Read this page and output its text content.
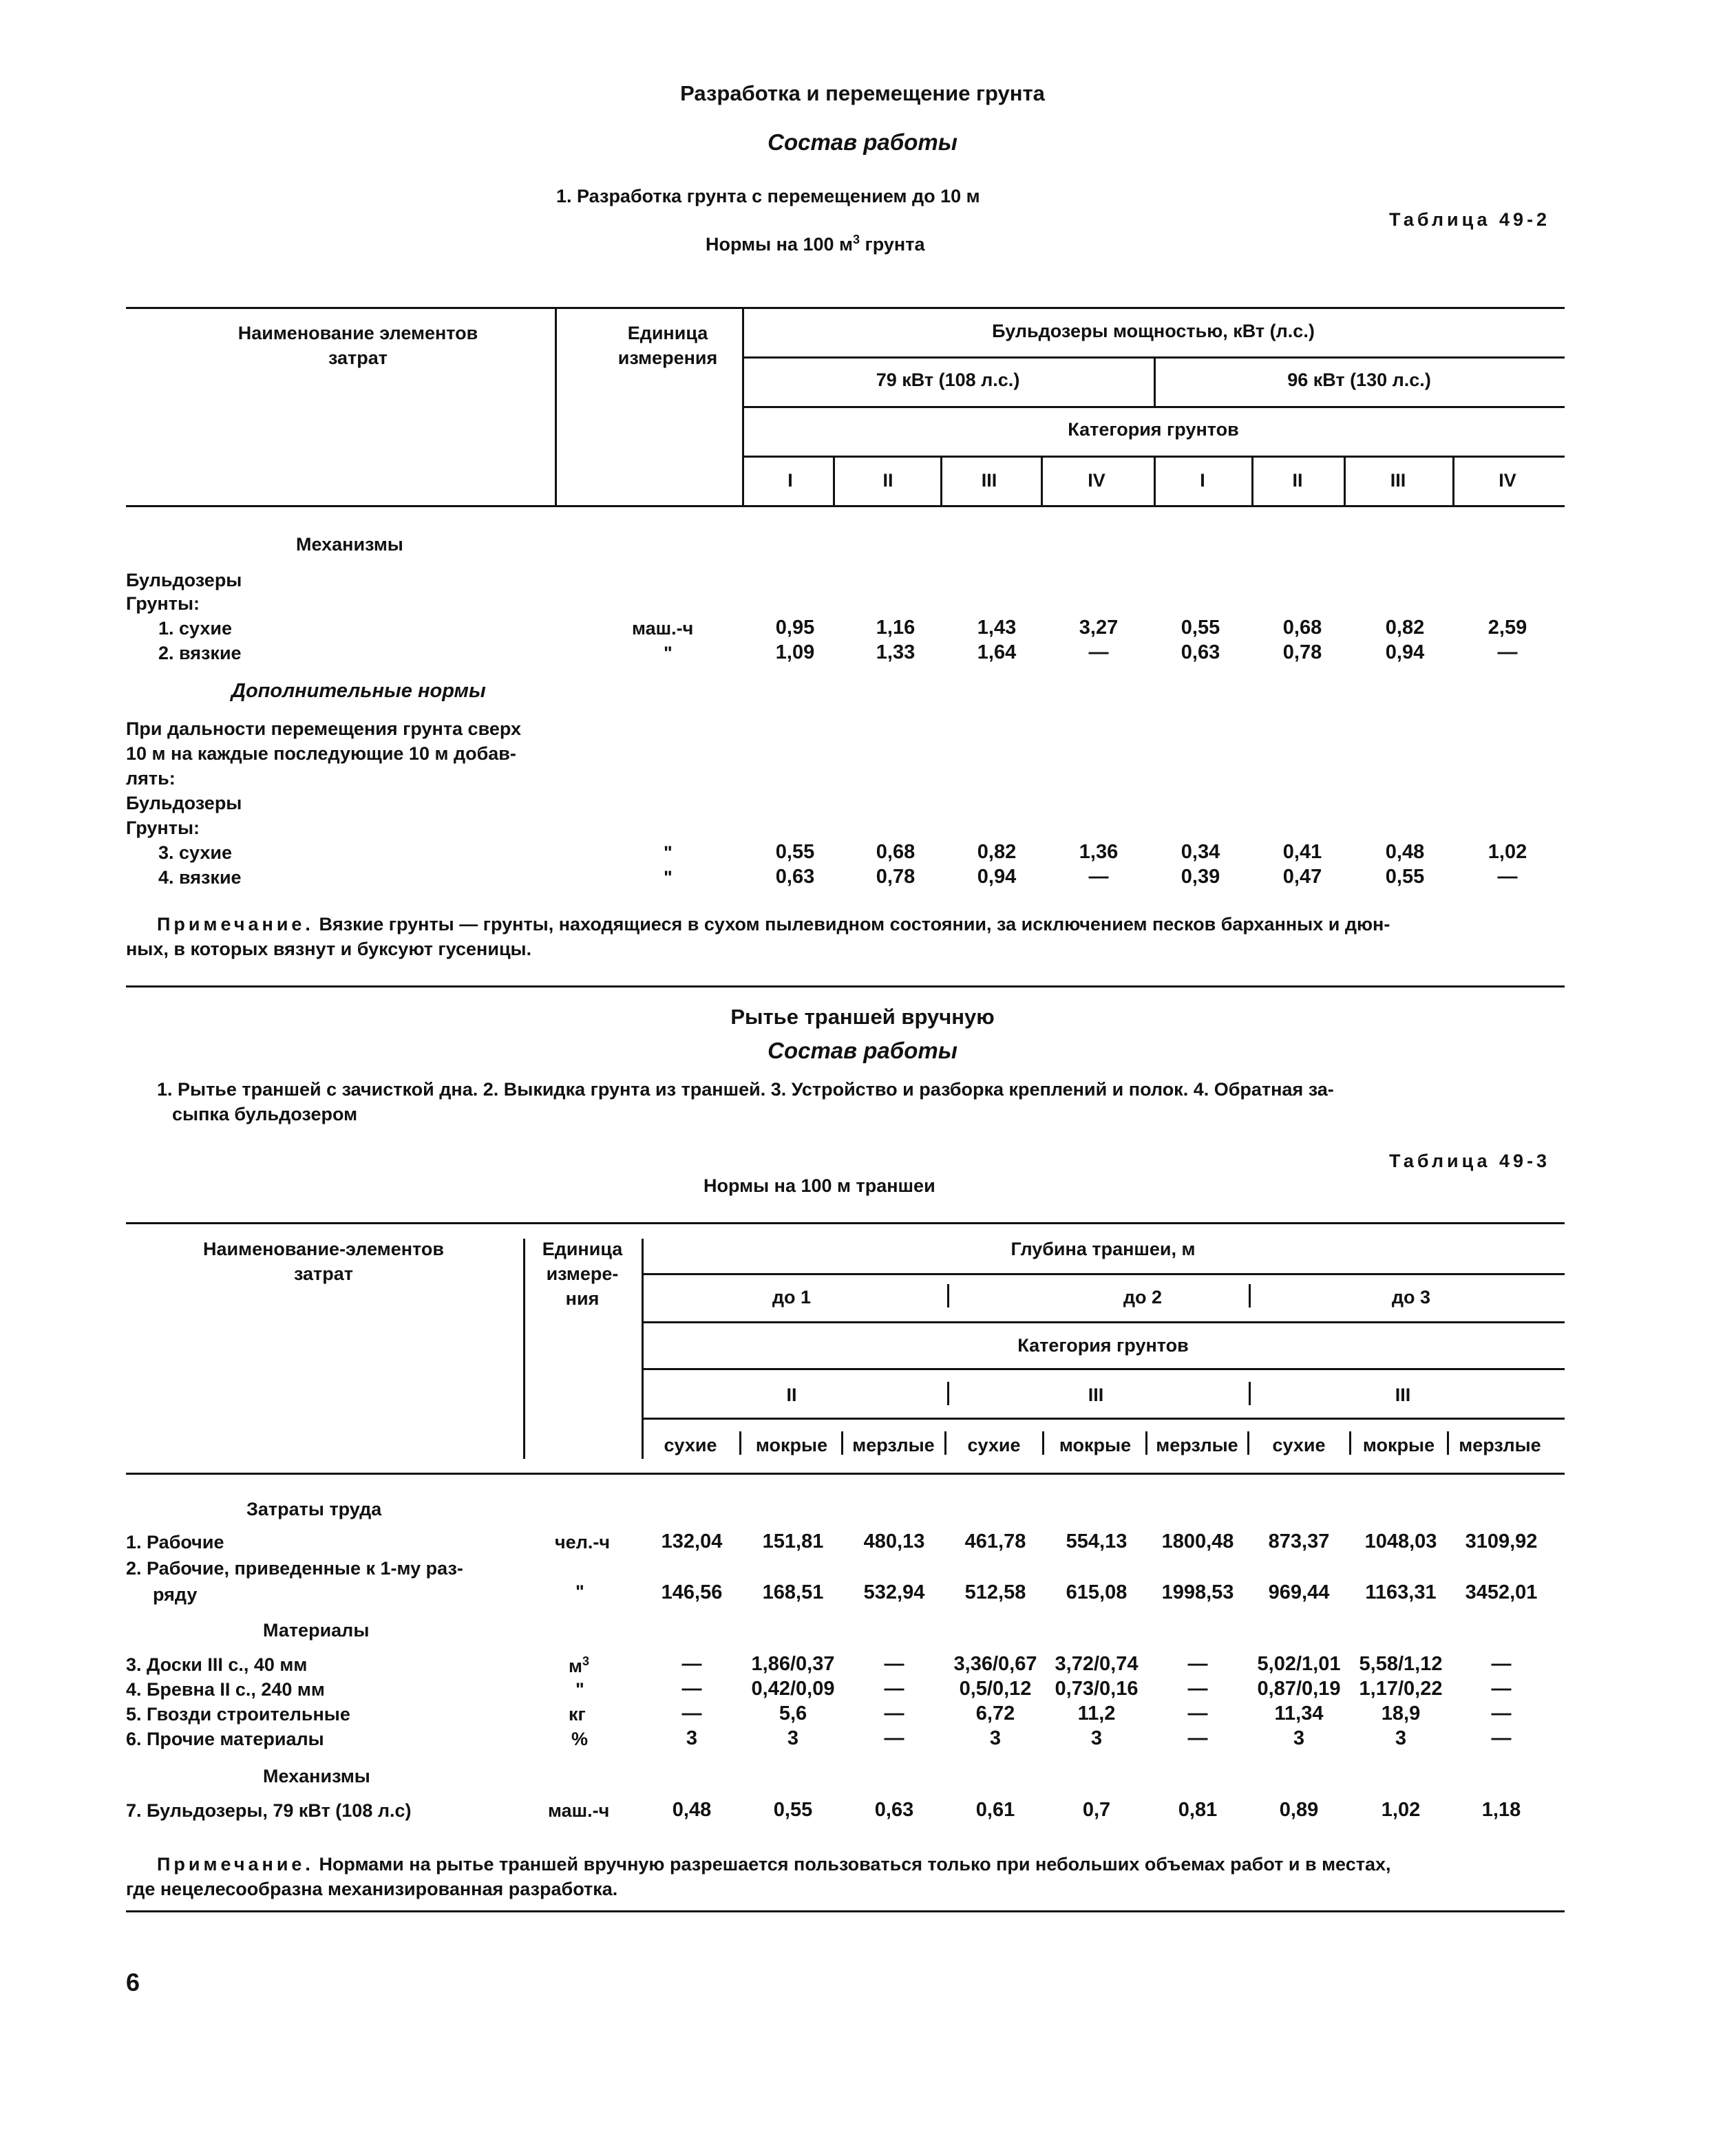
Разработка и перемещение грунта
Состав работы
1. Разработка грунта с перемещением до 10 м
Таблица 49-2
Нормы на 100 $м^3$ грунта
Наименование элементов затрат
Единица измерения
Бульдозеры мощностью, кВт (л.с.)
79 кВт (108 л.с.)	96 кВт (130 л.с.)
Категория грунтов
I	II	III	IV	I	II	III	IV
Механизмы
Бульдозеры
Грунты:
1. сухие	маш.-ч	0,95	1,16	1,43	3,27	0,55	0,68	0,82	2,59
2. вязкие	"	1,09	1,33	1,64	—	0,63	0,78	0,94	—
Дополнительные нормы
При дальности перемещения грунта сверх
10 м на каждые последующие 10 м добав-
лять:
Бульдозеры
Грунты:
3. сухие	"	0,55	0,68	0,82	1,36	0,34	0,41	0,48	1,02
4. вязкие	"	0,63	0,78	0,94	—	0,39	0,47	0,55	—
Примечание. Вязкие грунты — грунты, находящиеся в сухом пылевидном состоянии, за исключением песков барханных и дюн-
ных, в которых вязнут и буксуют гусеницы.
Рытье траншей вручную
Состав работы
1. Рытье траншей с зачисткой дна. 2. Выкидка грунта из траншей. 3. Устройство и разборка креплений и полок. 4. Обратная за-
сыпка бульдозером
Таблица 49-3
Нормы на 100 м траншеи
Наименование-элементов
затрат
Единица
измере-
ния
Глубина траншеи, м
до 1	до 2	до 3
Категория грунтов
II	III	III
сухие	мокрые	мерзлые	сухие	мокрые	мерзлые	сухие	мокрые	мерзлые
Затраты труда
1. Рабочие	чел.-ч	132,04	151,81	480,13	461,78	554,13	1800,48	873,37	1048,03	3109,92
2. Рабочие, приведенные к 1-му раз-
ряду	"	146,56	168,51	532,94	512,58	615,08	1998,53	969,44	1163,31	3452,01
Материалы
3. Доски III с., 40 мм	$м^3$	—	1,86/0,37	—	3,36/0,67 3,72/0,74	—	5,02/1,01 5,58/1,12	—
4. Бревна II с., 240 мм	"	—	0,42/0,09	—	0,5/0,12	0,73/0,16	—	0,87/0,19 1,17/0,22	—
5. Гвозди строительные	кг	—	5,6	—	6,72	11,2	—	11,34	18,9	—
6. Прочие материалы	%	3	3	—	3	3	—	3	3	—
Механизмы
7. Бульдозеры, 79 кВт (108 л.с)	маш.-ч	0,48	0,55	0,63	0,61	0,7	0,81	0,89	1,02	1,18
Примечание. Нормами на рытье траншей вручную разрешается пользоваться только при небольших объемах работ и в местах,
где нецелесообразна механизированная разработка.
6
